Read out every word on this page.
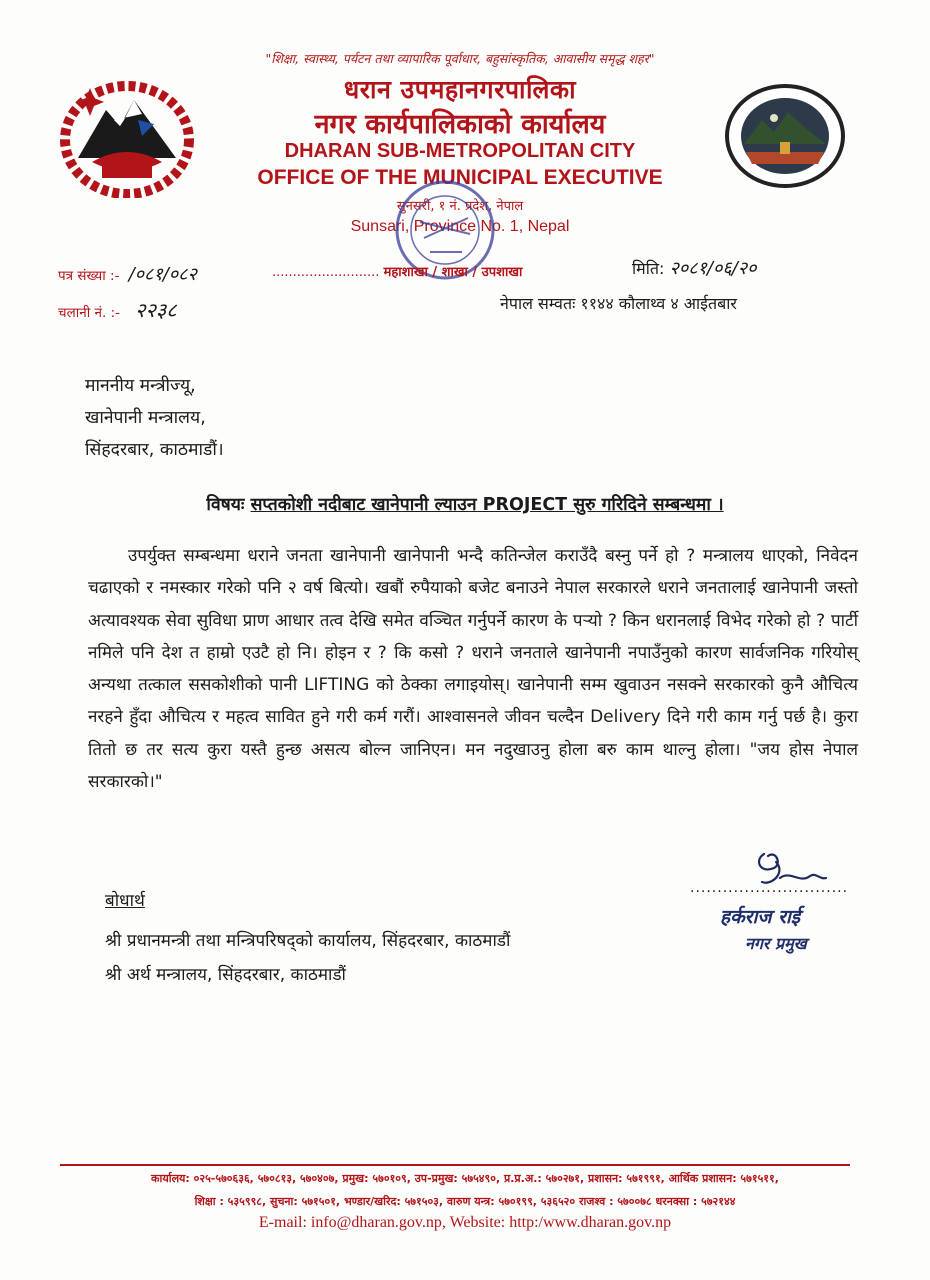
"शिक्षा, स्वास्थ्य, पर्यटन तथा व्यापारिक पूर्वाधार, बहुसांस्कृतिक, आवासीय समृद्ध शहर"
धरान उपमहानगरपालिका
नगर कार्यपालिकाको कार्यालय
DHARAN SUB-METROPOLITAN CITY
OFFICE OF THE MUNICIPAL EXECUTIVE
सुनसरी, १ नं. प्रदेश, नेपाल
Sunsari, Province No. 1, Nepal
पत्र संख्या :- /०८१/०८२
चलानी नं. :- २२३८
.......................... महाशाखा / शाखा / उपशाखा	मिति: २०८१/०६/२०
नेपाल सम्वतः ११४४ कौलाथ्व ४ आईतबार
माननीय मन्त्रीज्यू,
खानेपानी मन्त्रालय,
सिंहदरबार, काठमाडौं।
विषयः सप्तकोशी नदीबाट खानेपानी ल्याउन PROJECT सुरु गरिदिने सम्बन्धमा ।
उपर्युक्त सम्बन्धमा धराने जनता खानेपानी खानेपानी भन्दै कतिन्जेल कराउँदै बस्नु पर्ने हो ? मन्त्रालय धाएको, निवेदन चढाएको र नमस्कार गरेको पनि २ वर्ष बित्यो। खबौं रुपैयाको बजेट बनाउने नेपाल सरकारले धराने जनतालाई खानेपानी जस्तो अत्यावश्यक सेवा सुविधा प्राण आधार तत्व देखि समेत वञ्चित गर्नुपर्ने कारण के पर्‍यो ? किन धरानलाई विभेद गरेको हो ? पार्टी नमिले पनि देश त हाम्रो एउटै हो नि। होइन र ? कि कसो ? धराने जनताले खानेपानी नपाउँनुको कारण सार्वजनिक गरियोस् अन्यथा तत्काल ससकोशीको पानी LIFTING को ठेक्का लगाइयोस्। खानेपानी सम्म खुवाउन नसक्ने सरकारको कुनै औचित्य नरहने हुँदा औचित्य र महत्व सावित हुने गरी कर्म गरौं। आश्वासनले जीवन चल्दैन Delivery दिने गरी काम गर्नु पर्छ है। कुरा तितो छ तर सत्य कुरा यस्तै हुन्छ असत्य बोल्न जानिएन। मन नदुखाउनु होला बरु काम थाल्नु होला। "जय होस नेपाल सरकारको।"
बोधार्थ
श्री प्रधानमन्त्री तथा मन्त्रिपरिषद्को कार्यालय, सिंहदरबार, काठमाडौं
श्री अर्थ मन्त्रालय, सिंहदरबार, काठमाडौं
.............................
हर्कराज राई
नगर प्रमुख
कार्यालय: ०२५-५७०६३६, ५७०८१३, ५७०४०७, प्रमुख: ५७०१०९, उप-प्रमुख: ५७५४९०, प्र.प्र.अ.: ५७०२७१, प्रशासन: ५७१९९१, आर्थिक प्रशासन: ५७१५११,
शिक्षा : ५३५९९८, सुचना: ५७१५०१, भण्डार/खरिद: ५७१५०३, वारुण यन्त्र: ५७०१९९, ५३६५२० राजश्व : ५७००७८ धरनक्सा : ५७२१४४
E-mail: info@dharan.gov.np, Website: http:/www.dharan.gov.np
